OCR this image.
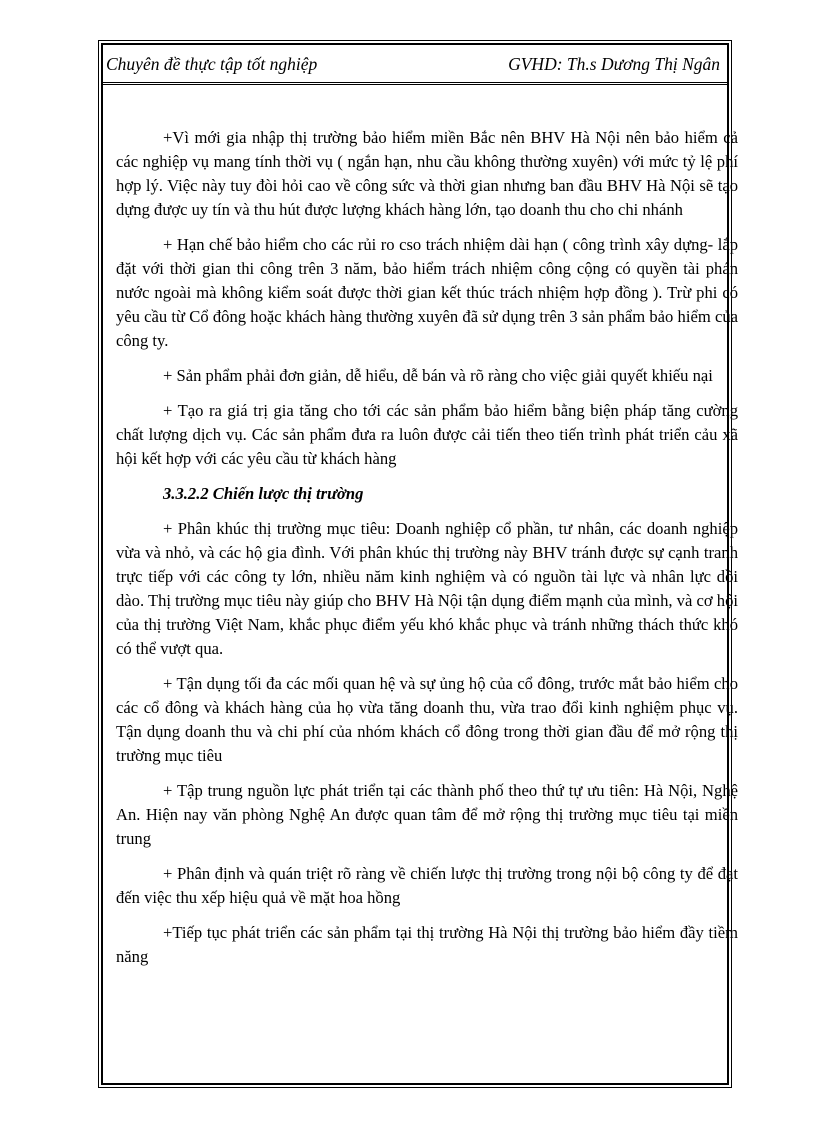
Chuyên đề thực tập tốt nghiệp	GVHD: Th.s Dương Thị Ngân

+Vì mới gia nhập thị trường bảo hiểm miền Bắc nên BHV Hà Nội nên bảo hiểm cả các nghiệp vụ mang tính thời vụ ( ngắn hạn, nhu cầu không thường xuyên) với mức tỷ lệ phí hợp lý. Việc này tuy đòi hỏi cao về công sức và thời gian nhưng ban đầu BHV Hà Nội sẽ tạo dựng được uy tín và thu hút được lượng khách hàng lớn, tạo doanh thu cho chi nhánh

+ Hạn chế bảo hiểm cho các rủi ro cso trách nhiệm dài hạn ( công trình xây dựng- lắp đặt với thời gian thi công trên 3 năm, bảo hiểm trách nhiệm công cộng có quyền tài phán nước ngoài mà không kiểm soát được thời gian kết thúc trách nhiệm hợp đồng ). Trừ phi có yêu cầu từ Cổ đông hoặc khách hàng thường xuyên đã sử dụng trên 3 sản phẩm bảo hiểm của công ty.

+ Sản phẩm phải đơn giản, dễ hiểu, dễ bán và rõ ràng cho việc giải quyết khiếu nại

+ Tạo ra giá trị gia tăng cho tới các sản phẩm bảo hiểm bằng biện pháp tăng cường chất lượng dịch vụ. Các sản phẩm đưa ra luôn được cải tiến theo tiến trình phát triển cảu xã hội kết hợp với các yêu cầu từ khách hàng

3.3.2.2 Chiến lược thị trường

+ Phân khúc thị trường mục tiêu: Doanh nghiệp cổ phần, tư nhân, các doanh nghiệp vừa và nhỏ, và các hộ gia đình. Với phân khúc thị trường này BHV tránh được sự cạnh tranh trực tiếp với các công ty lớn, nhiều năm kinh nghiệm và có nguồn tài lực và nhân lực dồi dào. Thị trường mục tiêu này giúp cho BHV Hà Nội tận dụng điểm mạnh của mình, và cơ hội của thị trường Việt Nam, khắc phục điểm yếu khó khắc phục và tránh những thách thức khó có thể vượt qua.

+ Tận dụng tối đa các mối quan hệ và sự ủng hộ của cổ đông, trước mắt bảo hiểm cho các cổ đông và khách hàng của họ vừa tăng doanh thu, vừa trao đổi kinh nghiệm phục vụ. Tận dụng doanh thu và chi phí của nhóm khách cổ đông trong thời gian đầu để mở rộng thị trường mục tiêu

+ Tập trung nguồn lực phát triển tại các thành phố theo thứ tự ưu tiên: Hà Nội, Nghệ An. Hiện nay văn phòng Nghệ An được quan tâm để mở rộng thị trường mục tiêu tại miền trung

+ Phân định và quán triệt rõ ràng về chiến lược thị trường trong nội bộ công ty để đạt đến việc thu xếp hiệu quả về mặt hoa hồng

+Tiếp tục phát triển các sản phẩm tại thị trường Hà Nội thị trường bảo hiểm đầy tiềm năng
